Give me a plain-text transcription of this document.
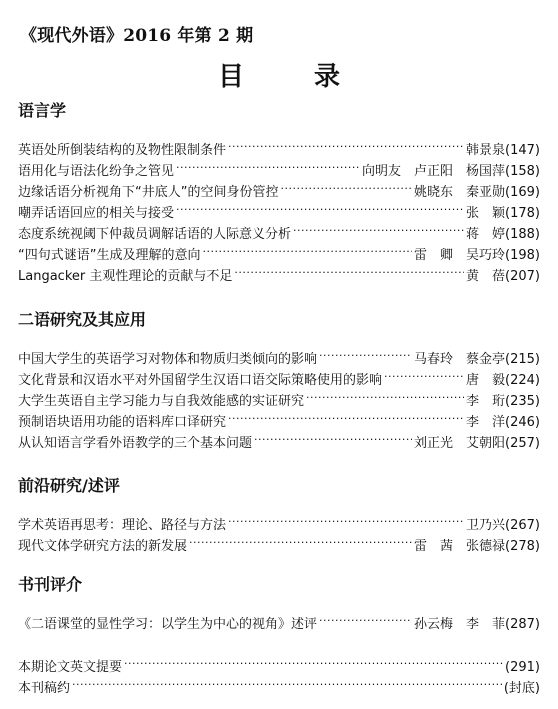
《现代外语》2016 年第 2 期
目　录
语言学
英语处所倒装结构的及物性限制条件 .....	韩景泉 (147)
语用化与语法化纷争之管见 .....	向明友　卢正阳　杨国萍 (158)
边缘话语分析视角下“井底人”的空间身份管控 .....	姚晓东　秦亚勋 (169)
嘲弄话语回应的相关与接受 .....	张　颖 (178)
态度系统视阈下仲裁员调解话语的人际意义分析 .....	蒋　婷 (188)
“四句式谜语”生成及理解的意向 .....	雷　卿　吴巧玲 (198)
Langacker 主观性理论的贡献与不足 .....	黄　蓓 (207)
二语研究及其应用
中国大学生的英语学习对物体和物质归类倾向的影响 .....	马春玲　蔡金亭 (215)
文化背景和汉语水平对外国留学生汉语口语交际策略使用的影响 .....	唐　毅 (224)
大学生英语自主学习能力与自我效能感的实证研究 .....	李　珩 (235)
预制语块语用功能的语料库口译研究 .....	李　洋 (246)
从认知语言学看外语教学的三个基本问题 .....	刘正光　艾朝阳 (257)
前沿研究/述评
学术英语再思考：理论、路径与方法 .....	卫乃兴 (267)
现代文体学研究方法的新发展 .....	雷　茜　张德禄 (278)
书刊评介
《二语课堂的显性学习：以学生为中心的视角》述评 .....	孙云梅　李　菲 (287)
本期论文英文提要 .....	(291)
本刊稿约 .....	(封底)
